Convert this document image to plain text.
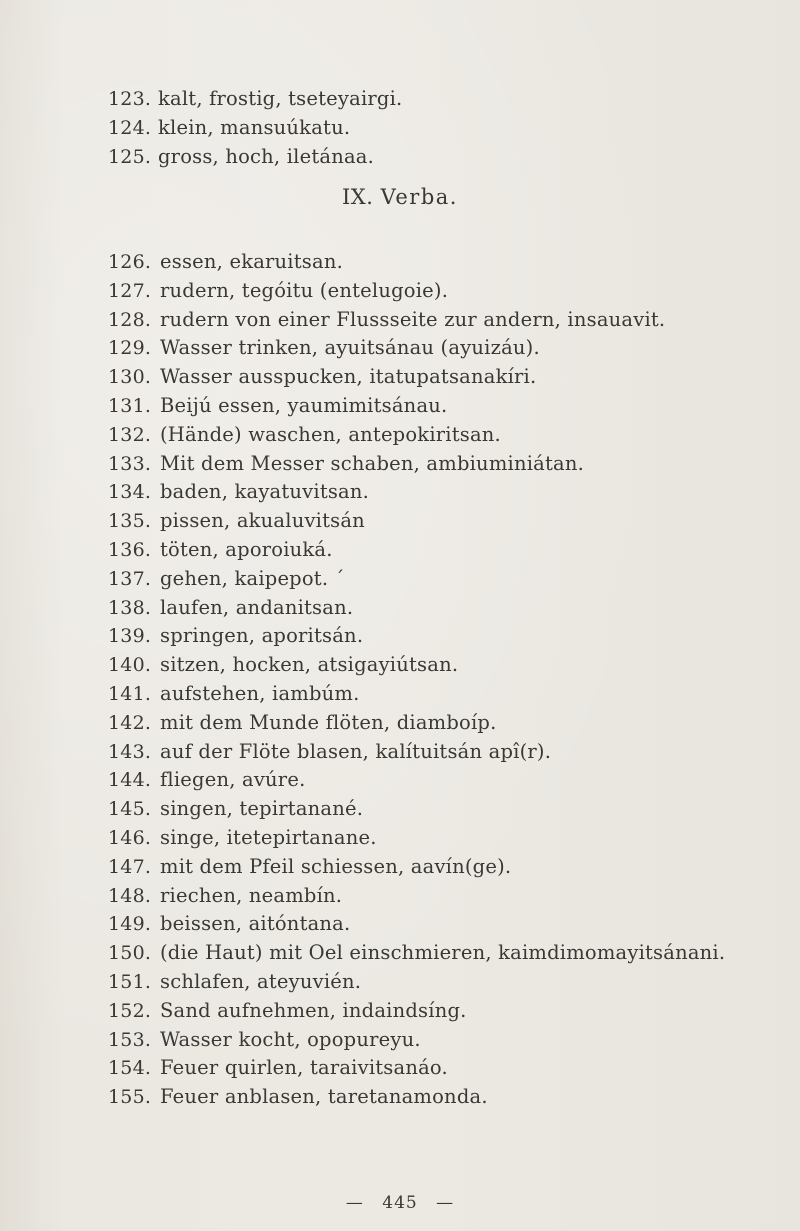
123. kalt, frostig, tseteyairgi.
124. klein, mansuúkatu.
125. gross, hoch, iletánaa.
IX. Verba.
126. essen, ekaruitsan.
127. rudern, tegóitu (entelugoie).
128. rudern von einer Flussseite zur andern, insauavit.
129. Wasser trinken, ayuitsánau (ayuizáu).
130. Wasser ausspucken, itatupatsanakíri.
131. Beijú essen, yaumimitsánau.
132. (Hände) waschen, antepokiritsan.
133. Mit dem Messer schaben, ambiuminiátan.
134. baden, kayatuvitsan.
135. pissen, akualuvitsán
136. töten, aporoiuká.
137. gehen, kaipepot. ´
138. laufen, andanitsan.
139. springen, aporitsán.
140. sitzen, hocken, atsigayiútsan.
141. aufstehen, iambúm.
142. mit dem Munde flöten, diamboíp.
143. auf der Flöte blasen, kalítuitsán apî(r).
144. fliegen, avúre.
145. singen, tepirtanané.
146. singe, itetepirtanane.
147. mit dem Pfeil schiessen, aavín(ge).
148. riechen, neambín.
149. beissen, aitóntana.
150. (die Haut) mit Oel einschmieren, kaimdimomayitsánani.
151. schlafen, ateyuvién.
152. Sand aufnehmen, indaindsíng.
153. Wasser kocht, opopureyu.
154. Feuer quirlen, taraivitsanáo.
155. Feuer anblasen, taretanamonda.
— 445 —
